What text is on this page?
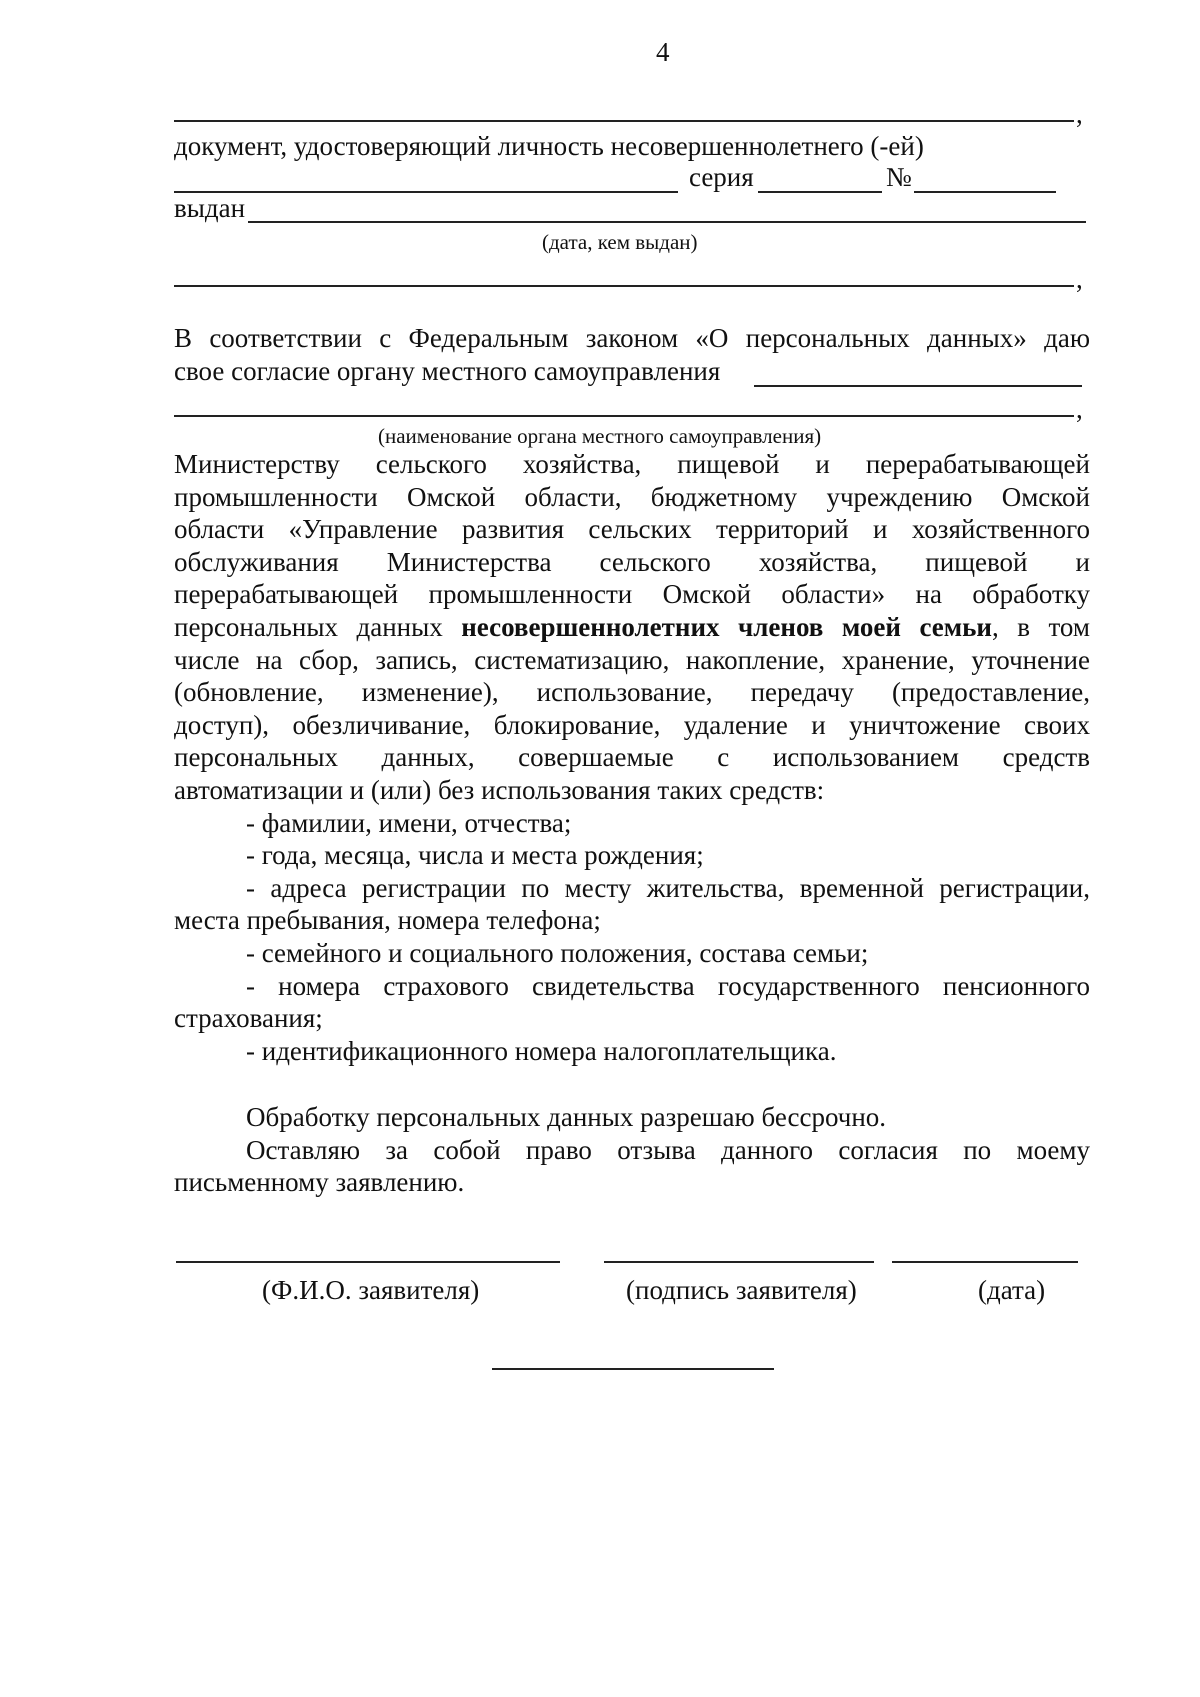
4
,
документ, удостоверяющий личность несовершеннолетнего (-ей)
серия	№
выдан
(дата, кем выдан)
,
В соответствии с Федеральным законом «О персональных данных» даю
свое согласие органу местного самоуправления
,
(наименование органа местного самоуправления)
Министерству сельского хозяйства, пищевой и перерабатывающей
промышленности Омской области, бюджетному учреждению Омской
области «Управление развития сельских территорий и хозяйственного
обслуживания Министерства сельского хозяйства, пищевой и
перерабатывающей промышленности Омской области» на обработку
персональных данных несовершеннолетних членов моей семьи, в том
числе на сбор, запись, систематизацию, накопление, хранение, уточнение
(обновление, изменение), использование, передачу (предоставление,
доступ), обезличивание, блокирование, удаление и уничтожение своих
персональных данных, совершаемые с использованием средств
автоматизации и (или) без использования таких средств:
- фамилии, имени, отчества;
- года, месяца, числа и места рождения;
- адреса регистрации по месту жительства, временной регистрации,
места пребывания, номера телефона;
- семейного и социального положения, состава семьи;
- номера страхового свидетельства государственного пенсионного
страхования;
- идентификационного номера налогоплательщика.
Обработку персональных данных разрешаю бессрочно.
Оставляю за собой право отзыва данного согласия по моему
письменному заявлению.
(Ф.И.О. заявителя)	(подпись заявителя)	(дата)
